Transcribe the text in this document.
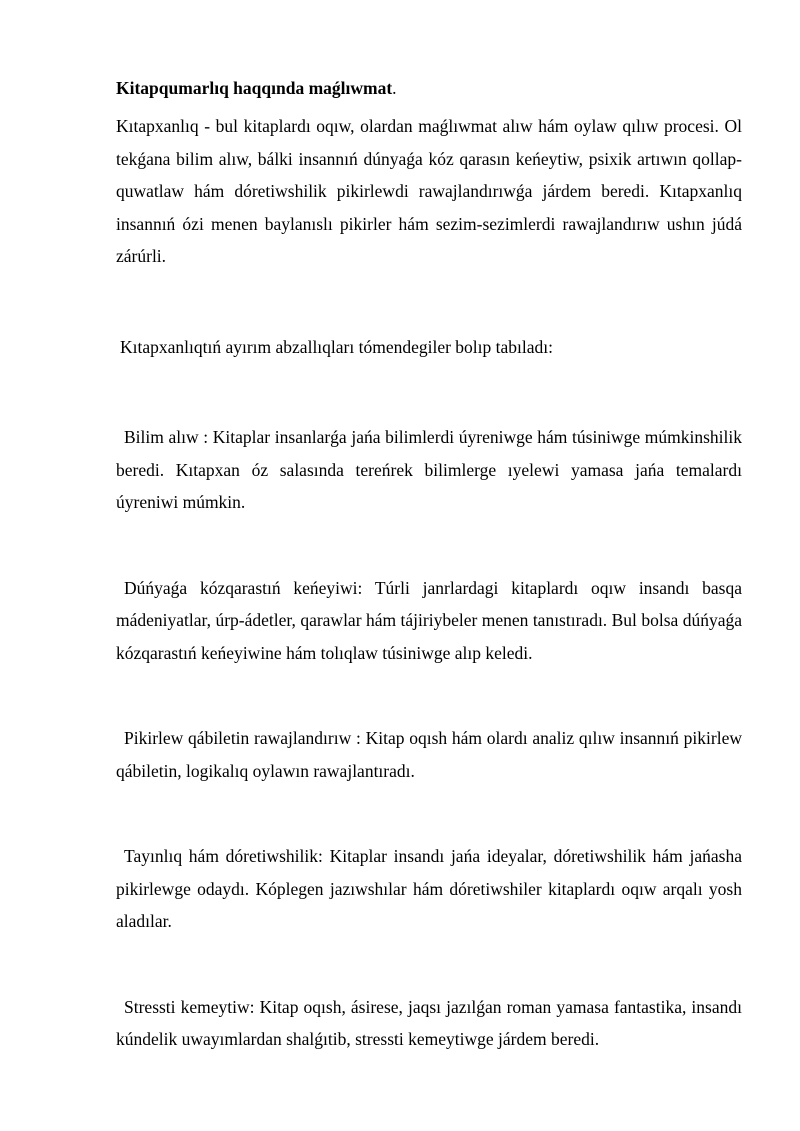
Kitapqumarlıq haqqında maǵlıwmat.

Kıtapxanlıq - bul kitaplardı oqıw, olardan maǵlıwmat alıw hám oylaw qılıw procesi. Ol tekǵana bilim alıw, bálki insannıń dúnyaǵa kóz qarasın keńeytiw, psixik artıwın qollap-quwatlaw hám dóretiwshilik pikirlewdi rawajlandırıwǵa járdem beredi. Kıtapxanlıq insannıń ózi menen baylanıslı pikirler hám sezim-sezimlerdi rawajlandırıw ushın júdá zárúrli.

Kıtapxanlıqtıń ayırım abzallıqları tómendegiler bolıp tabıladı:

Bilim alıw : Kitaplar insanlarǵa jańa bilimlerdi úyreniwge hám túsiniwge múmkinshilik beredi. Kıtapxan óz salasında tereńrek bilimlerge ıyelewi yamasa jańa temalardı úyreniwi múmkin.

Dúńyaǵa kózqarastıń keńeyiwi: Túrli janrlardagi kitaplardı oqıw insandı basqa mádeniyatlar, úrp-ádetler, qarawlar hám tájiriybeler menen tanıstıradı. Bul bolsa dúńyaǵa kózqarastıń keńeyiwine hám tolıqlaw túsiniwge alıp keledi.

Pikirlew qábiletin rawajlandırıw : Kitap oqısh hám olardı analiz qılıw insannıń pikirlew qábiletin, logikalıq oylawın rawajlantıradı.

Tayınlıq hám dóretiwshilik: Kitaplar insandı jańa ideyalar, dóretiwshilik hám jańasha pikirlewge odaydı. Kóplegen jazıwshılar hám dóretiwshiler kitaplardı oqıw arqalı yosh aladılar.

Stressti kemeytiw: Kitap oqısh, ásirese, jaqsı jazılǵan roman yamasa fantastika, insandı kúndelik uwayımlardan shalǵıtib, stressti kemeytiwge járdem beredi.
